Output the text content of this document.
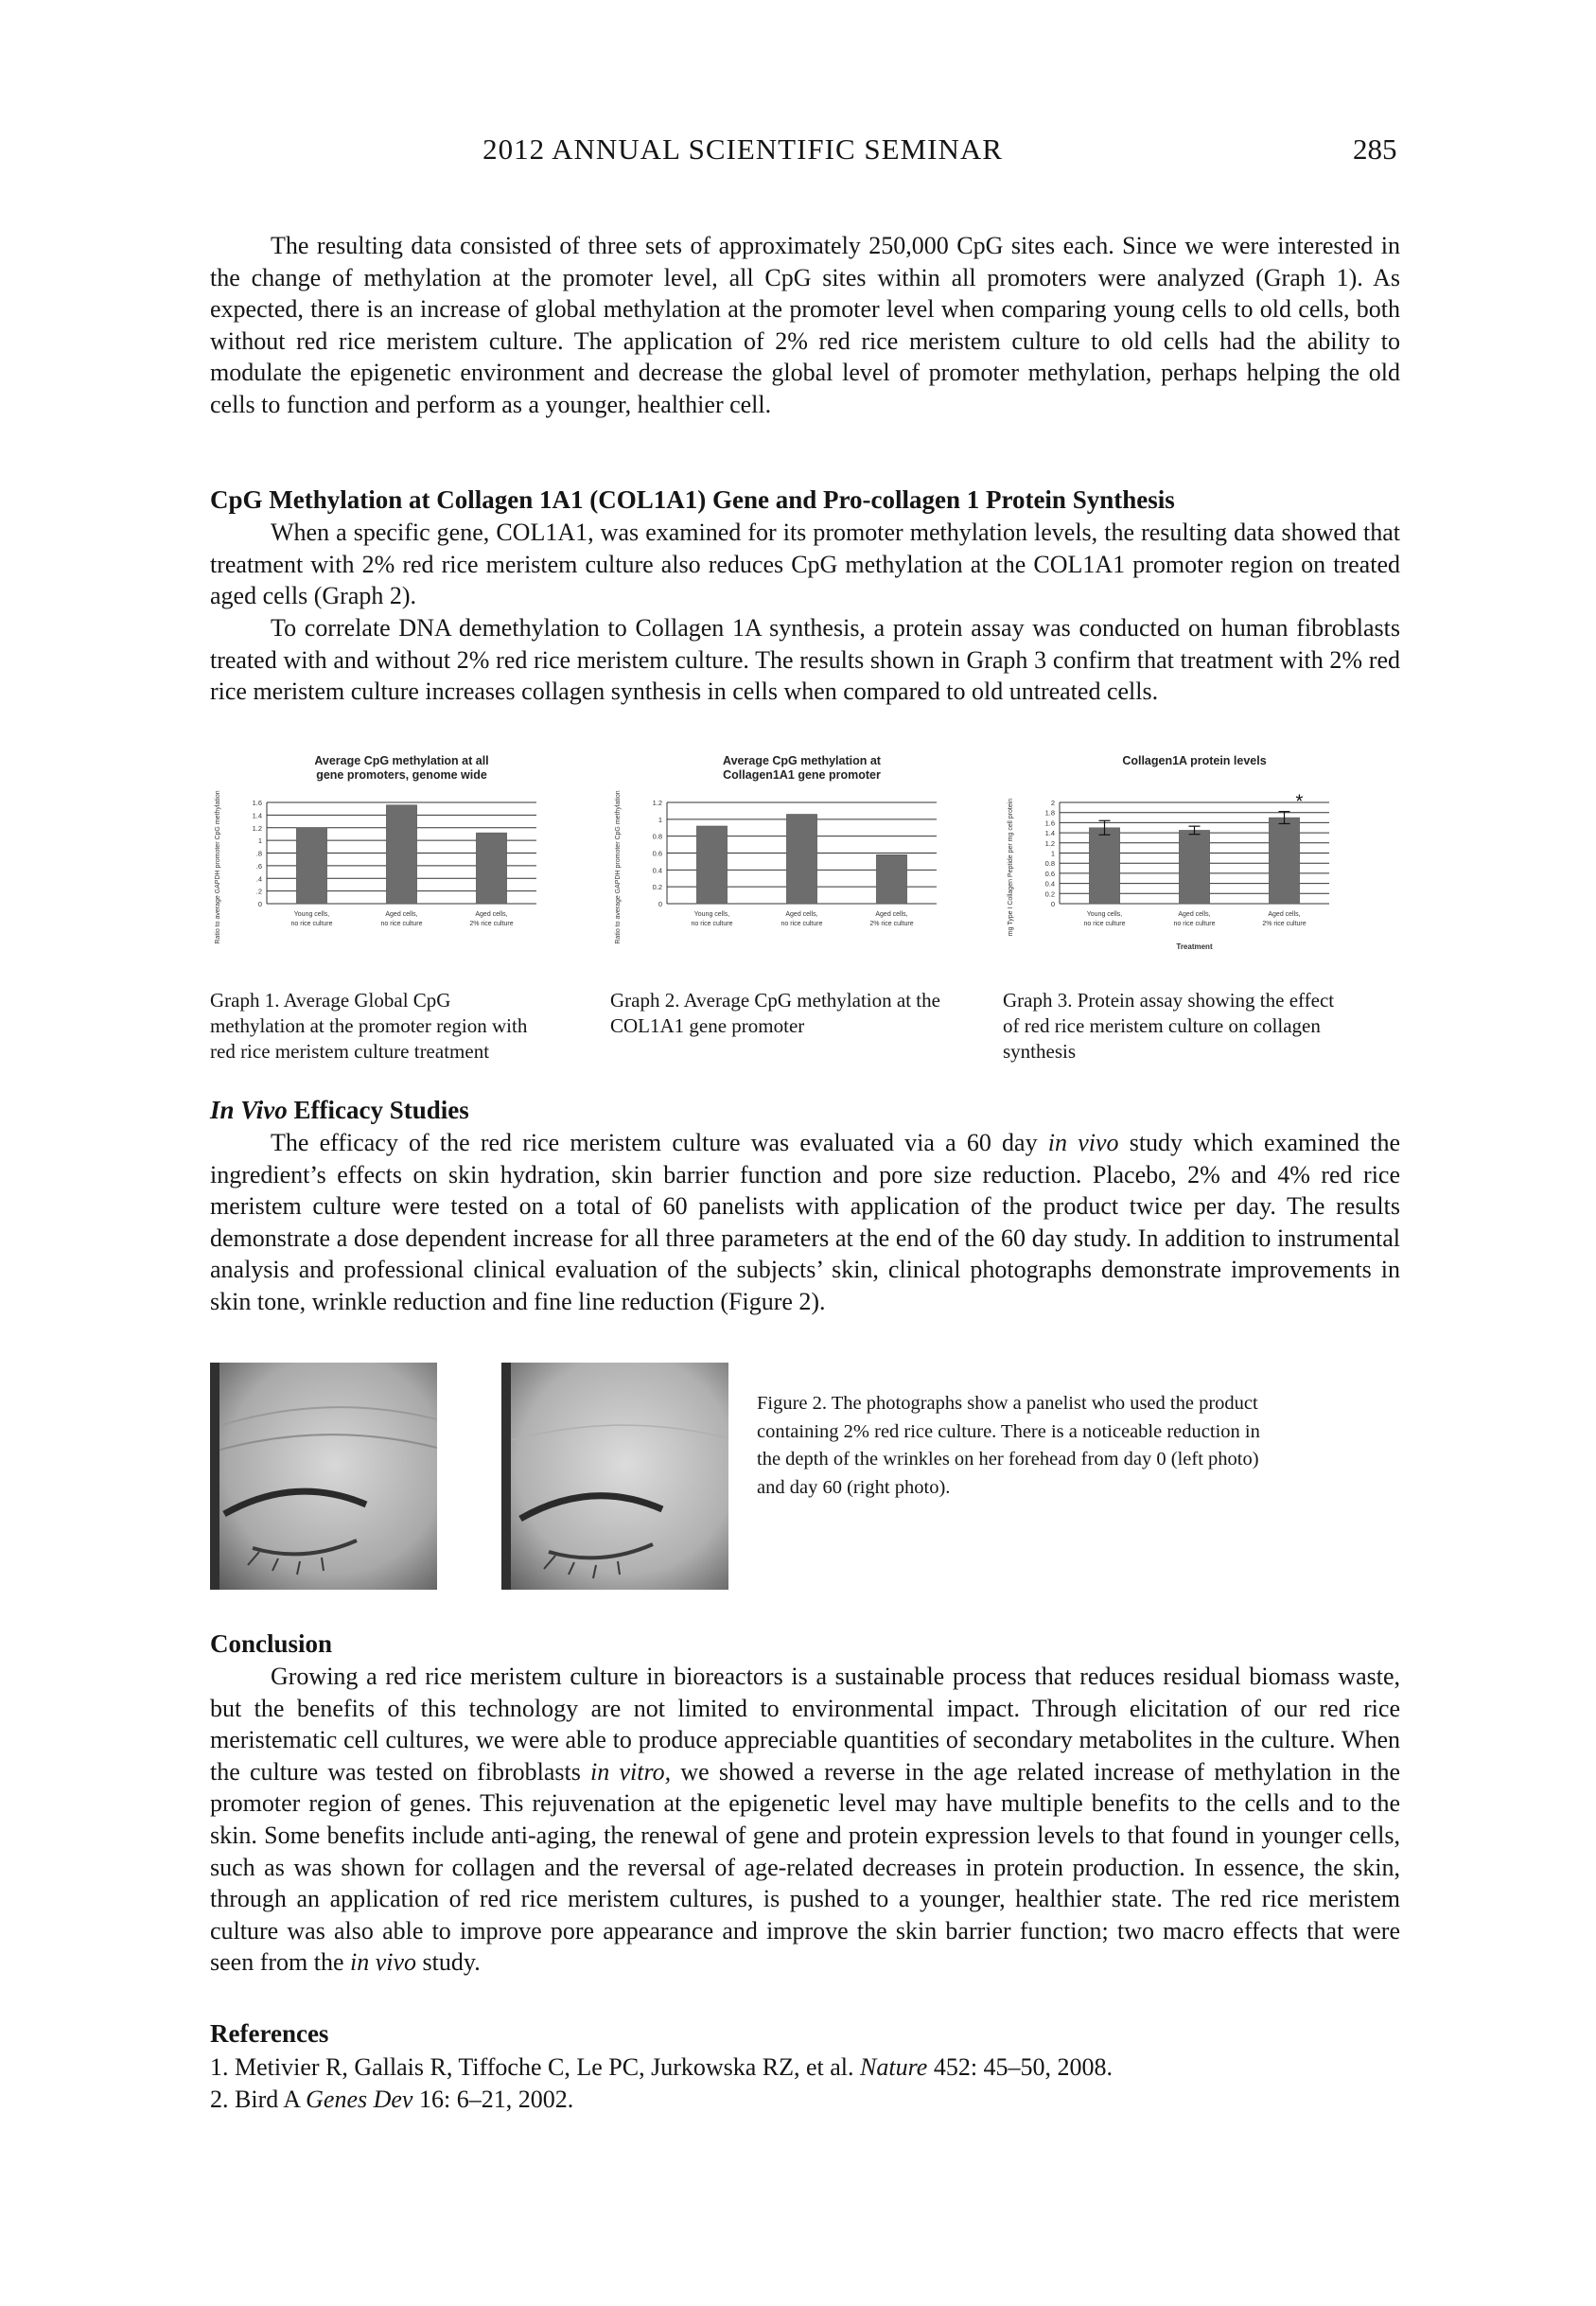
2012 ANNUAL SCIENTIFIC SEMINAR	285
The resulting data consisted of three sets of approximately 250,000 CpG sites each. Since we were interested in the change of methylation at the promoter level, all CpG sites within all promoters were analyzed (Graph 1). As expected, there is an increase of global methylation at the promoter level when comparing young cells to old cells, both without red rice meristem culture. The application of 2% red rice meristem culture to old cells had the ability to modulate the epigenetic environment and decrease the global level of promoter methylation, perhaps helping the old cells to function and perform as a younger, healthier cell.
CpG Methylation at Collagen 1A1 (COL1A1) Gene and Pro-collagen 1 Protein Synthesis
When a specific gene, COL1A1, was examined for its promoter methylation levels, the resulting data showed that treatment with 2% red rice meristem culture also reduces CpG methylation at the COL1A1 promoter region on treated aged cells (Graph 2).
To correlate DNA demethylation to Collagen 1A synthesis, a protein assay was conducted on human fibroblasts treated with and without 2% red rice meristem culture. The results shown in Graph 3 confirm that treatment with 2% red rice meristem culture increases collagen synthesis in cells when compared to old untreated cells.
Average CpG methylation at all
gene promoters, genome wide
Ratio to average GAPDH promoter CpG methylation	0
.2
.4
.6
.8
1
1.2
1.4
1.6
Young cells,
no rice culture
Aged cells,
no rice culture
Aged cells,
2% rice culture
Average CpG methylation at
Collagen1A1 gene promoter
Ratio to average GAPDH promoter CpG methylation	0
0.2
0.4
0.6
0.8
1
1.2
Young cells,
no rice culture
Aged cells,
no rice culture
Aged cells,
2% rice culture
Collagen1A protein levels
mg Type I Collagen Peptide per mg cell protein	0
0.2
0.4
0.6
0.8
1
1.2
1.4
1.6
1.8
2
Young cells,
no rice culture
Aged cells,
no rice culture
Aged cells,
2% rice culture
*
Treatment
Graph 1. Average Global CpG methylation at the promoter region with red rice meristem culture treatment
Graph 2. Average CpG methylation at the COL1A1 gene promoter
Graph 3. Protein assay showing the effect of red rice meristem culture on collagen synthesis
In Vivo Efficacy Studies
The efficacy of the red rice meristem culture was evaluated via a 60 day in vivo study which examined the ingredient’s effects on skin hydration, skin barrier function and pore size reduction. Placebo, 2% and 4% red rice meristem culture were tested on a total of 60 panelists with application of the product twice per day. The results demonstrate a dose dependent increase for all three parameters at the end of the 60 day study. In addition to instrumental analysis and professional clinical evaluation of the subjects’ skin, clinical photographs demonstrate improvements in skin tone, wrinkle reduction and fine line reduction (Figure 2).
Figure 2. The photographs show a panelist who used the product containing 2% red rice culture. There is a noticeable reduction in the depth of the wrinkles on her forehead from day 0 (left photo) and day 60 (right photo).
Conclusion
Growing a red rice meristem culture in bioreactors is a sustainable process that reduces residual biomass waste, but the benefits of this technology are not limited to environmental impact. Through elicitation of our red rice meristematic cell cultures, we were able to produce appreciable quantities of secondary metabolites in the culture. When the culture was tested on fibroblasts in vitro, we showed a reverse in the age related increase of methylation in the promoter region of genes. This rejuvenation at the epigenetic level may have multiple benefits to the cells and to the skin. Some benefits include anti-aging, the renewal of gene and protein expression levels to that found in younger cells, such as was shown for collagen and the reversal of age-related decreases in protein production. In essence, the skin, through an application of red rice meristem cultures, is pushed to a younger, healthier state. The red rice meristem culture was also able to improve pore appearance and improve the skin barrier function; two macro effects that were seen from the in vivo study.
References

1. Metivier R, Gallais R, Tiffoche C, Le PC, Jurkowska RZ, et al. Nature 452: 45–50, 2008.

2. Bird A Genes Dev 16: 6–21, 2002.
